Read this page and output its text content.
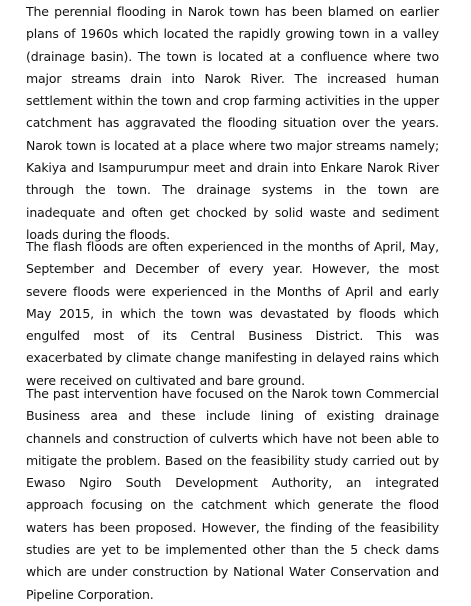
The perennial flooding in Narok town has been blamed on earlier plans of 1960s which located the rapidly growing town in a valley (drainage basin). The town is located at a confluence where two major streams drain into Narok River. The increased human settlement within the town and crop farming activities in the upper catchment has aggravated the flooding situation over the years. Narok town is located at a place where two major streams namely; Kakiya and Isampurumpur meet and drain into Enkare Narok River through the town. The drainage systems in the town are inadequate and often get chocked by solid waste and sediment loads during the floods.

The flash floods are often experienced in the months of April, May, September and December of every year. However, the most severe floods were experienced in the Months of April and early May 2015, in which the town was devastated by floods which engulfed most of its Central Business District. This was exacerbated by climate change manifesting in delayed rains which were received on cultivated and bare ground.

The past intervention have focused on the Narok town Commercial Business area and these include lining of existing drainage channels and construction of culverts which have not been able to mitigate the problem. Based on the feasibility study carried out by Ewaso Ngiro South Development Authority, an integrated approach focusing on the catchment which generate the flood waters has been proposed. However, the finding of the feasibility studies are yet to be implemented other than the 5 check dams which are under construction by National Water Conservation and Pipeline Corporation.
